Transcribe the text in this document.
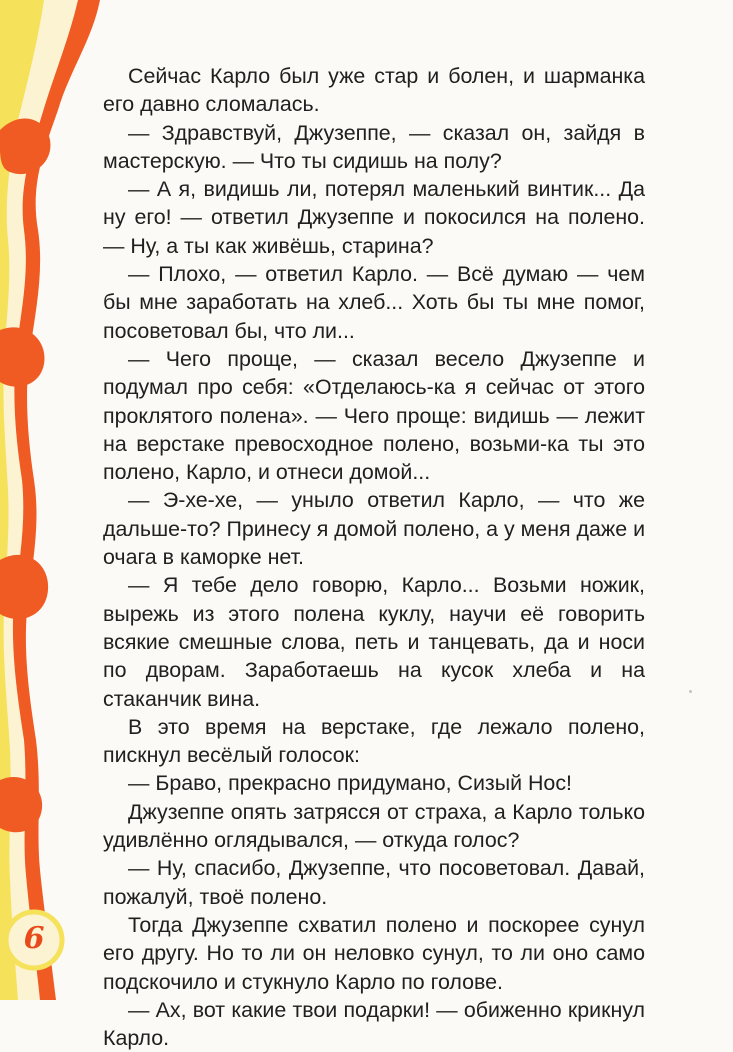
Сейчас Карло был уже стар и болен, и шарманка его давно сломалась.

— Здравствуй, Джузеппе, — сказал он, зайдя в мастерскую. — Что ты сидишь на полу?

— А я, видишь ли, потерял маленький винтик... Да ну его! — ответил Джузеппе и покосился на полено. — Ну, а ты как живёшь, старина?

— Плохо, — ответил Карло. — Всё думаю — чем бы мне заработать на хлеб... Хоть бы ты мне помог, посоветовал бы, что ли...

— Чего проще, — сказал весело Джузеппе и подумал про себя: «Отделаюсь-ка я сейчас от этого проклятого полена». — Чего проще: видишь — лежит на верстаке превосходное полено, возьми-ка ты это полено, Карло, и отнеси домой...

— Э-хе-хе, — уныло ответил Карло, — что же дальше-то? Принесу я домой полено, а у меня даже и очага в каморке нет.

— Я тебе дело говорю, Карло... Возьми ножик, вырежь из этого полена куклу, научи её говорить всякие смешные слова, петь и танцевать, да и носи по дворам. Заработаешь на кусок хлеба и на стаканчик вина.

В это время на верстаке, где лежало полено, пискнул весёлый голосок:

— Браво, прекрасно придумано, Сизый Нос!

Джузеппе опять затрясся от страха, а Карло только удивлённо оглядывался, — откуда голос?

— Ну, спасибо, Джузеппе, что посоветовал. Давай, пожалуй, твоё полено.

Тогда Джузеппе схватил полено и поскорее сунул его другу. Но то ли он неловко сунул, то ли оно само подскочило и стукнуло Карло по голове.

— Ах, вот какие твои подарки! — обиженно крикнул Карло.

6
